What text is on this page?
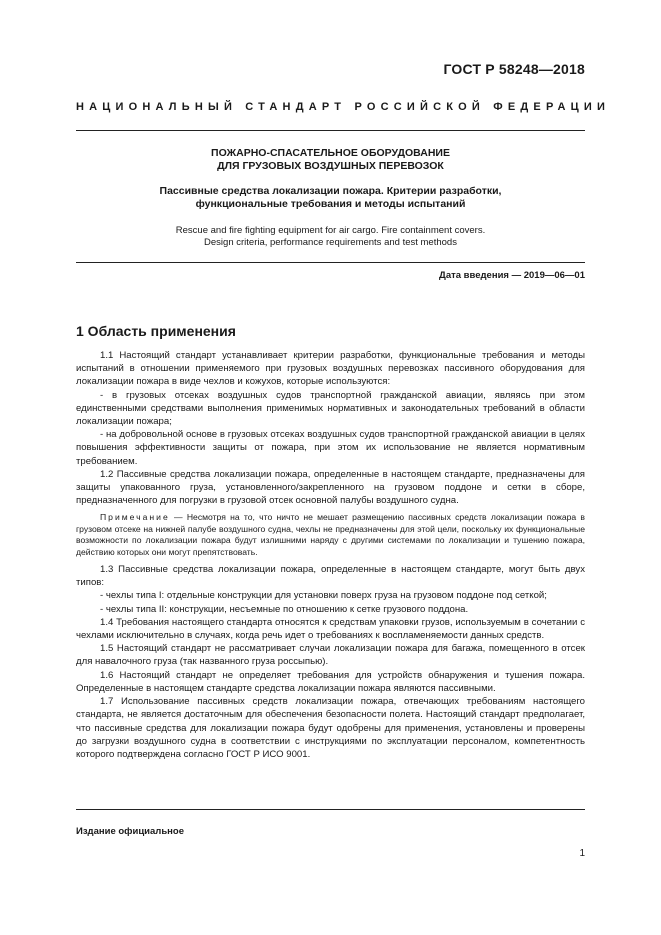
ГОСТ Р 58248—2018
НАЦИОНАЛЬНЫЙ СТАНДАРТ РОССИЙСКОЙ ФЕДЕРАЦИИ
ПОЖАРНО-СПАСАТЕЛЬНОЕ ОБОРУДОВАНИЕ
ДЛЯ ГРУЗОВЫХ ВОЗДУШНЫХ ПЕРЕВОЗОК
Пассивные средства локализации пожара. Критерии разработки,
функциональные требования и методы испытаний
Rescue and fire fighting equipment for air cargo. Fire containment covers.
Design criteria, performance requirements and test methods
Дата введения — 2019—06—01
1 Область применения

1.1 Настоящий стандарт устанавливает критерии разработки, функциональные требования и методы испытаний в отношении применяемого при грузовых воздушных перевозках пассивного оборудования для локализации пожара в виде чехлов и кожухов, которые используются:

- в грузовых отсеках воздушных судов транспортной гражданской авиации, являясь при этом единственными средствами выполнения применимых нормативных и законодательных требований в области локализации пожара;

- на добровольной основе в грузовых отсеках воздушных судов транспортной гражданской авиации в целях повышения эффективности защиты от пожара, при этом их использование не является нормативным требованием.

1.2 Пассивные средства локализации пожара, определенные в настоящем стандарте, предназначены для защиты упакованного груза, установленного/закрепленного на грузовом поддоне и сетки в сборе, предназначенного для погрузки в грузовой отсек основной палубы воздушного судна.

Примечание — Несмотря на то, что ничто не мешает размещению пассивных средств локализации пожара в грузовом отсеке на нижней палубе воздушного судна, чехлы не предназначены для этой цели, поскольку их функциональные возможности по локализации пожара будут излишними наряду с другими системами по локализации и тушению пожара, действию которых они могут препятствовать.

1.3 Пассивные средства локализации пожара, определенные в настоящем стандарте, могут быть двух типов:

- чехлы типа I: отдельные конструкции для установки поверх груза на грузовом поддоне под сеткой;

- чехлы типа II: конструкции, несъемные по отношению к сетке грузового поддона.

1.4 Требования настоящего стандарта относятся к средствам упаковки грузов, используемым в сочетании с чехлами исключительно в случаях, когда речь идет о требованиях к воспламеняемости данных средств.

1.5 Настоящий стандарт не рассматривает случаи локализации пожара для багажа, помещенного в отсек для навалочного груза (так названного груза россыпью).

1.6 Настоящий стандарт не определяет требования для устройств обнаружения и тушения пожара. Определенные в настоящем стандарте средства локализации пожара являются пассивными.

1.7 Использование пассивных средств локализации пожара, отвечающих требованиям настоящего стандарта, не является достаточным для обеспечения безопасности полета. Настоящий стандарт предполагает, что пассивные средства для локализации пожара будут одобрены для применения, установлены и проверены до загрузки воздушного судна в соответствии с инструкциями по эксплуатации персоналом, компетентность которого подтверждена согласно ГОСТ Р ИСО 9001.

Издание официальное
1
